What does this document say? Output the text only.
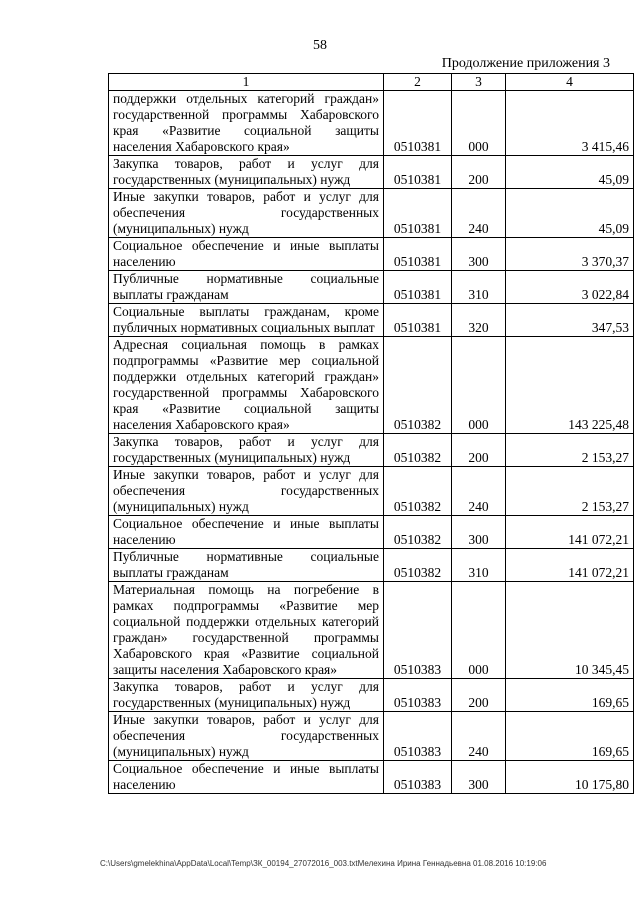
58
Продолжение приложения 3
1	2	3	4
поддержки отдельных категорий граждан» государственной программы Хабаровского края «Развитие социальной защиты населения Хабаровского края»	0510381	000	3 415,46
Закупка товаров, работ и услуг для государственных (муниципальных) нужд	0510381	200	45,09
Иные закупки товаров, работ и услуг для обеспечения государственных (муниципальных) нужд	0510381	240	45,09
Социальное обеспечение и иные выплаты населению	0510381	300	3 370,37
Публичные нормативные социальные выплаты гражданам	0510381	310	3 022,84
Социальные выплаты гражданам, кроме публичных нормативных социальных выплат	0510381	320	347,53
Адресная социальная помощь в рамках подпрограммы «Развитие мер социальной поддержки отдельных категорий граждан» государственной программы Хабаровского края «Развитие социальной защиты населения Хабаровского края»	0510382	000	143 225,48
Закупка товаров, работ и услуг для государственных (муниципальных) нужд	0510382	200	2 153,27
Иные закупки товаров, работ и услуг для обеспечения государственных (муниципальных) нужд	0510382	240	2 153,27
Социальное обеспечение и иные выплаты населению	0510382	300	141 072,21
Публичные нормативные социальные выплаты гражданам	0510382	310	141 072,21
Материальная помощь на погребение в рамках подпрограммы «Развитие мер социальной поддержки отдельных категорий граждан» государственной программы Хабаровского края «Развитие социальной защиты населения Хабаровского края»	0510383	000	10 345,45
Закупка товаров, работ и услуг для государственных (муниципальных) нужд	0510383	200	169,65
Иные закупки товаров, работ и услуг для обеспечения государственных (муниципальных) нужд	0510383	240	169,65
Социальное обеспечение и иные выплаты населению	0510383	300	10 175,80
C:\Users\gmelekhina\AppData\Local\Temp\ЗК_00194_27072016_003.txtМелехина Ирина Геннадьевна 01.08.2016 10:19:06
